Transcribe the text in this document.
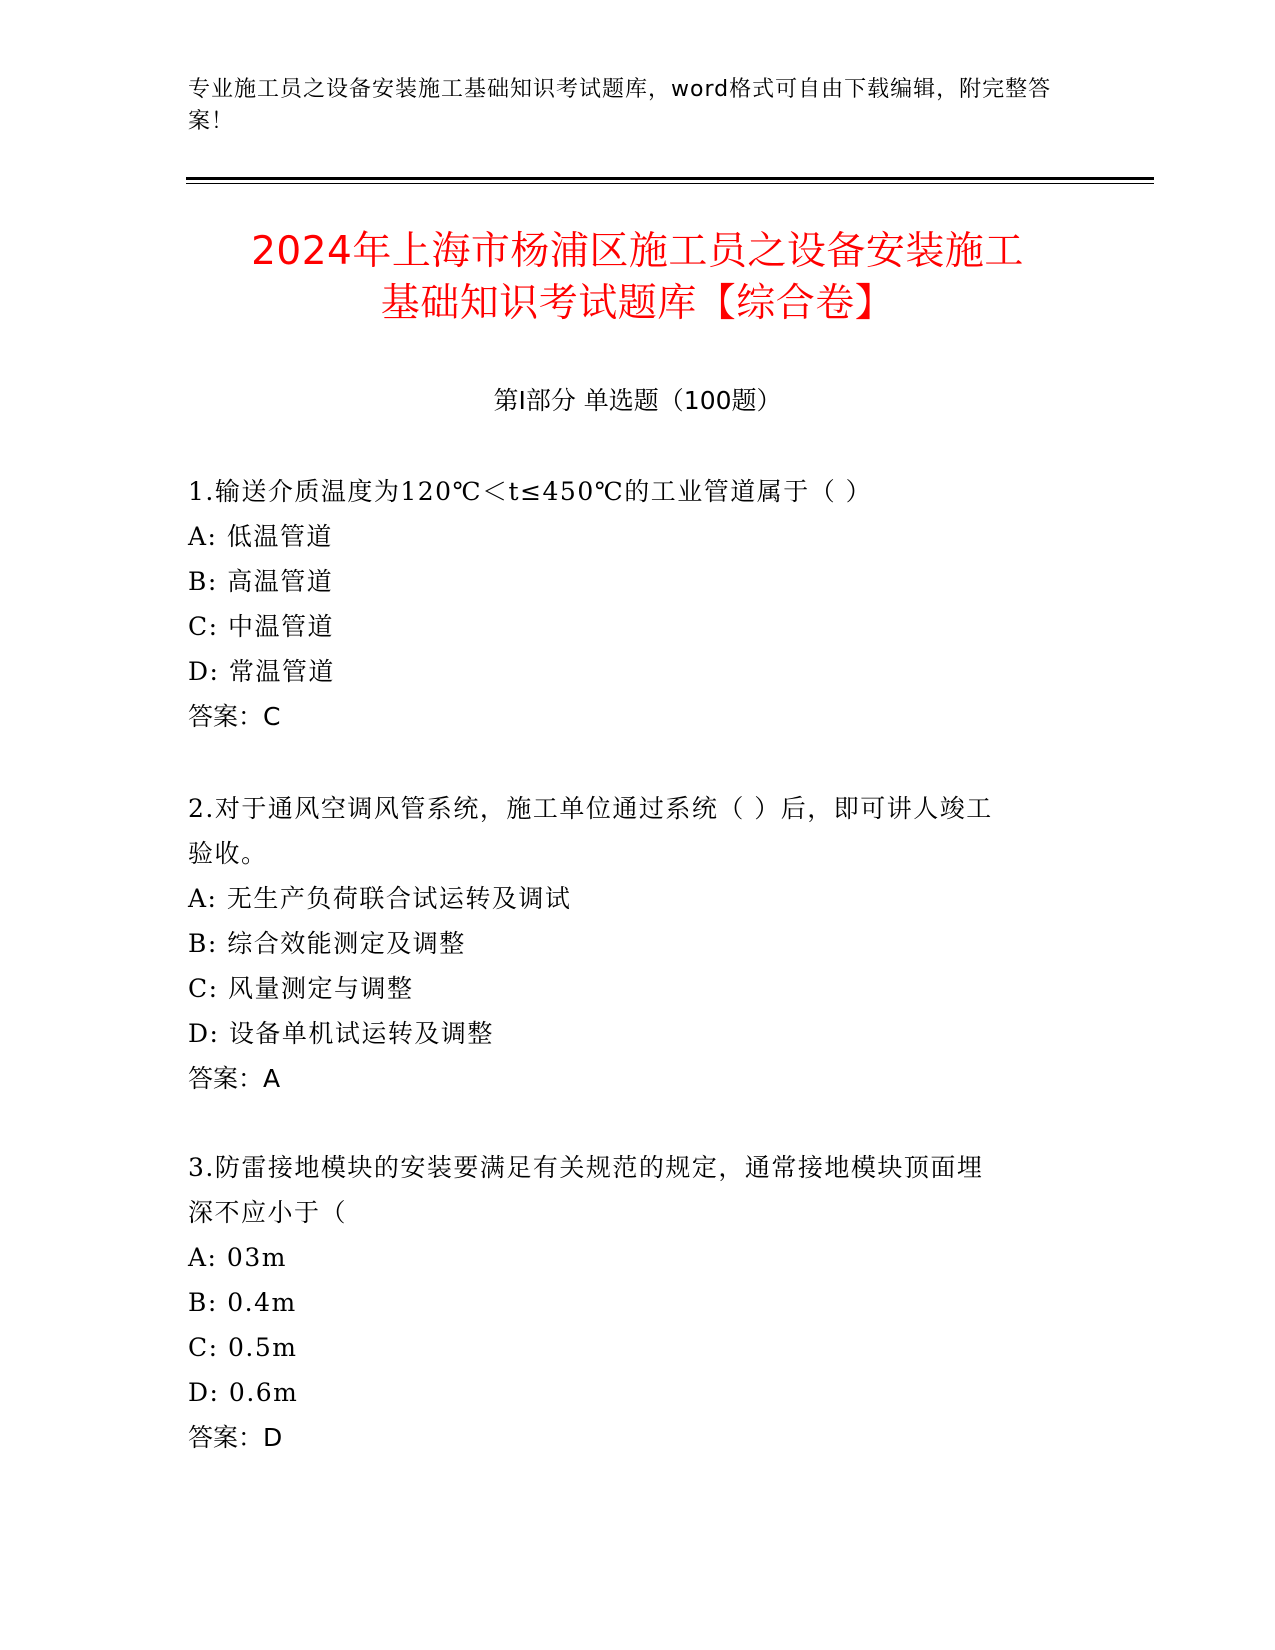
专业施工员之设备安装施工基础知识考试题库，word格式可自由下载编辑，附完整答案！
2024年上海市杨浦区施工员之设备安装施工
基础知识考试题库【综合卷】
第Ⅰ部分 单选题（100题）

1.输送介质温度为120℃＜t≤450℃的工业管道属于（ ）

A: 低温管道

B: 高温管道

C: 中温管道

D: 常温管道

答案：C

2.对于通风空调风管系统，施工单位通过系统（ ）后，即可讲人竣工

验收。

A: 无生产负荷联合试运转及调试

B: 综合效能测定及调整

C: 风量测定与调整

D: 设备单机试运转及调整

答案：A

3.防雷接地模块的安装要满足有关规范的规定，通常接地模块顶面埋

深不应小于（

A: 03m

B: 0.4m

C: 0.5m

D: 0.6m

答案：D
